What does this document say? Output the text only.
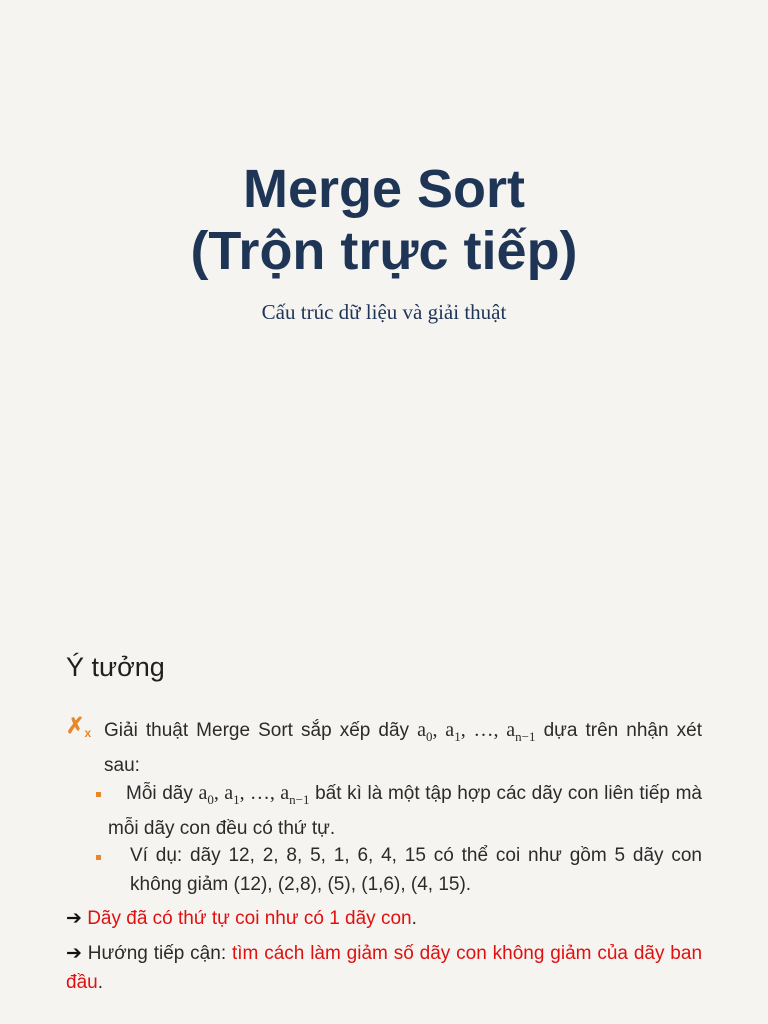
Merge Sort
(Trộn trực tiếp)
Cấu trúc dữ liệu và giải thuật
Ý tưởng
✗x Giải thuật Merge Sort sắp xếp dãy $a_0$, $a_1$, …, $a_{n-1}$ dựa trên nhận xét sau:
Mỗi dãy $a_0$, $a_1$, …, $a_{n-1}$ bất kì là một tập hợp các dãy con liên tiếp mà mỗi dãy con đều có thứ tự.
Ví dụ: dãy 12, 2, 8, 5, 1, 6, 4, 15 có thể coi như gồm 5 dãy con không giảm (12), (2,8), (5), (1,6), (4, 15).
➔ Dãy đã có thứ tự coi như có 1 dãy con.
➔ Hướng tiếp cận: tìm cách làm giảm số dãy con không giảm của dãy ban đầu.
